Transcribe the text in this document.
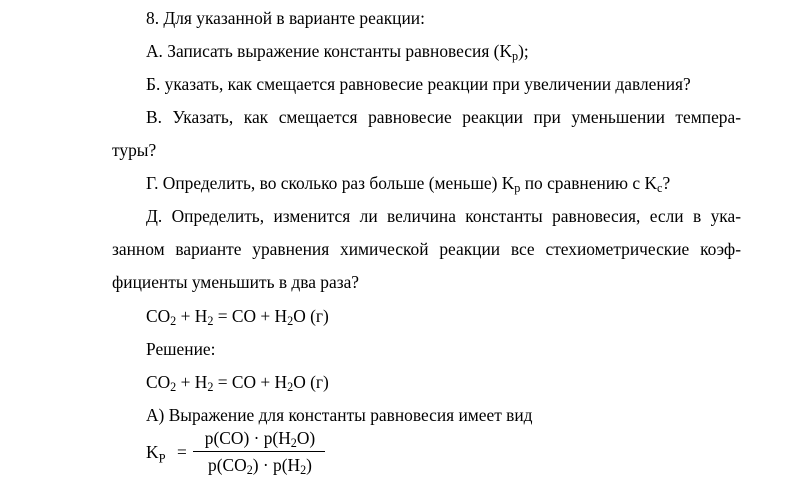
8. Для указанной в варианте реакции:
А. Записать выражение константы равновесия $(K_p)$;
Б. указать, как смещается равновесие реакции при увеличении давления?
В. Указать, как смещается равновесие реакции при уменьшении темпера-
туры?
Г. Определить, во сколько раз больше (меньше) $K_p$ по сравнению с $K_c$?
Д. Определить, изменится ли величина константы равновесия, если в ука-
занном варианте уравнения химической реакции все стехиометрические коэф-
фициенты уменьшить в два раза?
$CO_2 + H_2$ = CO + $H_2O$ (г)
Решение:
$CO_2 + H_2$ = CO + $H_2O$ (г)
А) Выражение для константы равновесия имеет вид
$K_P$ =
$p(CO) \cdot p(H_2O)$
$p(CO_2) \cdot p(H_2)$
